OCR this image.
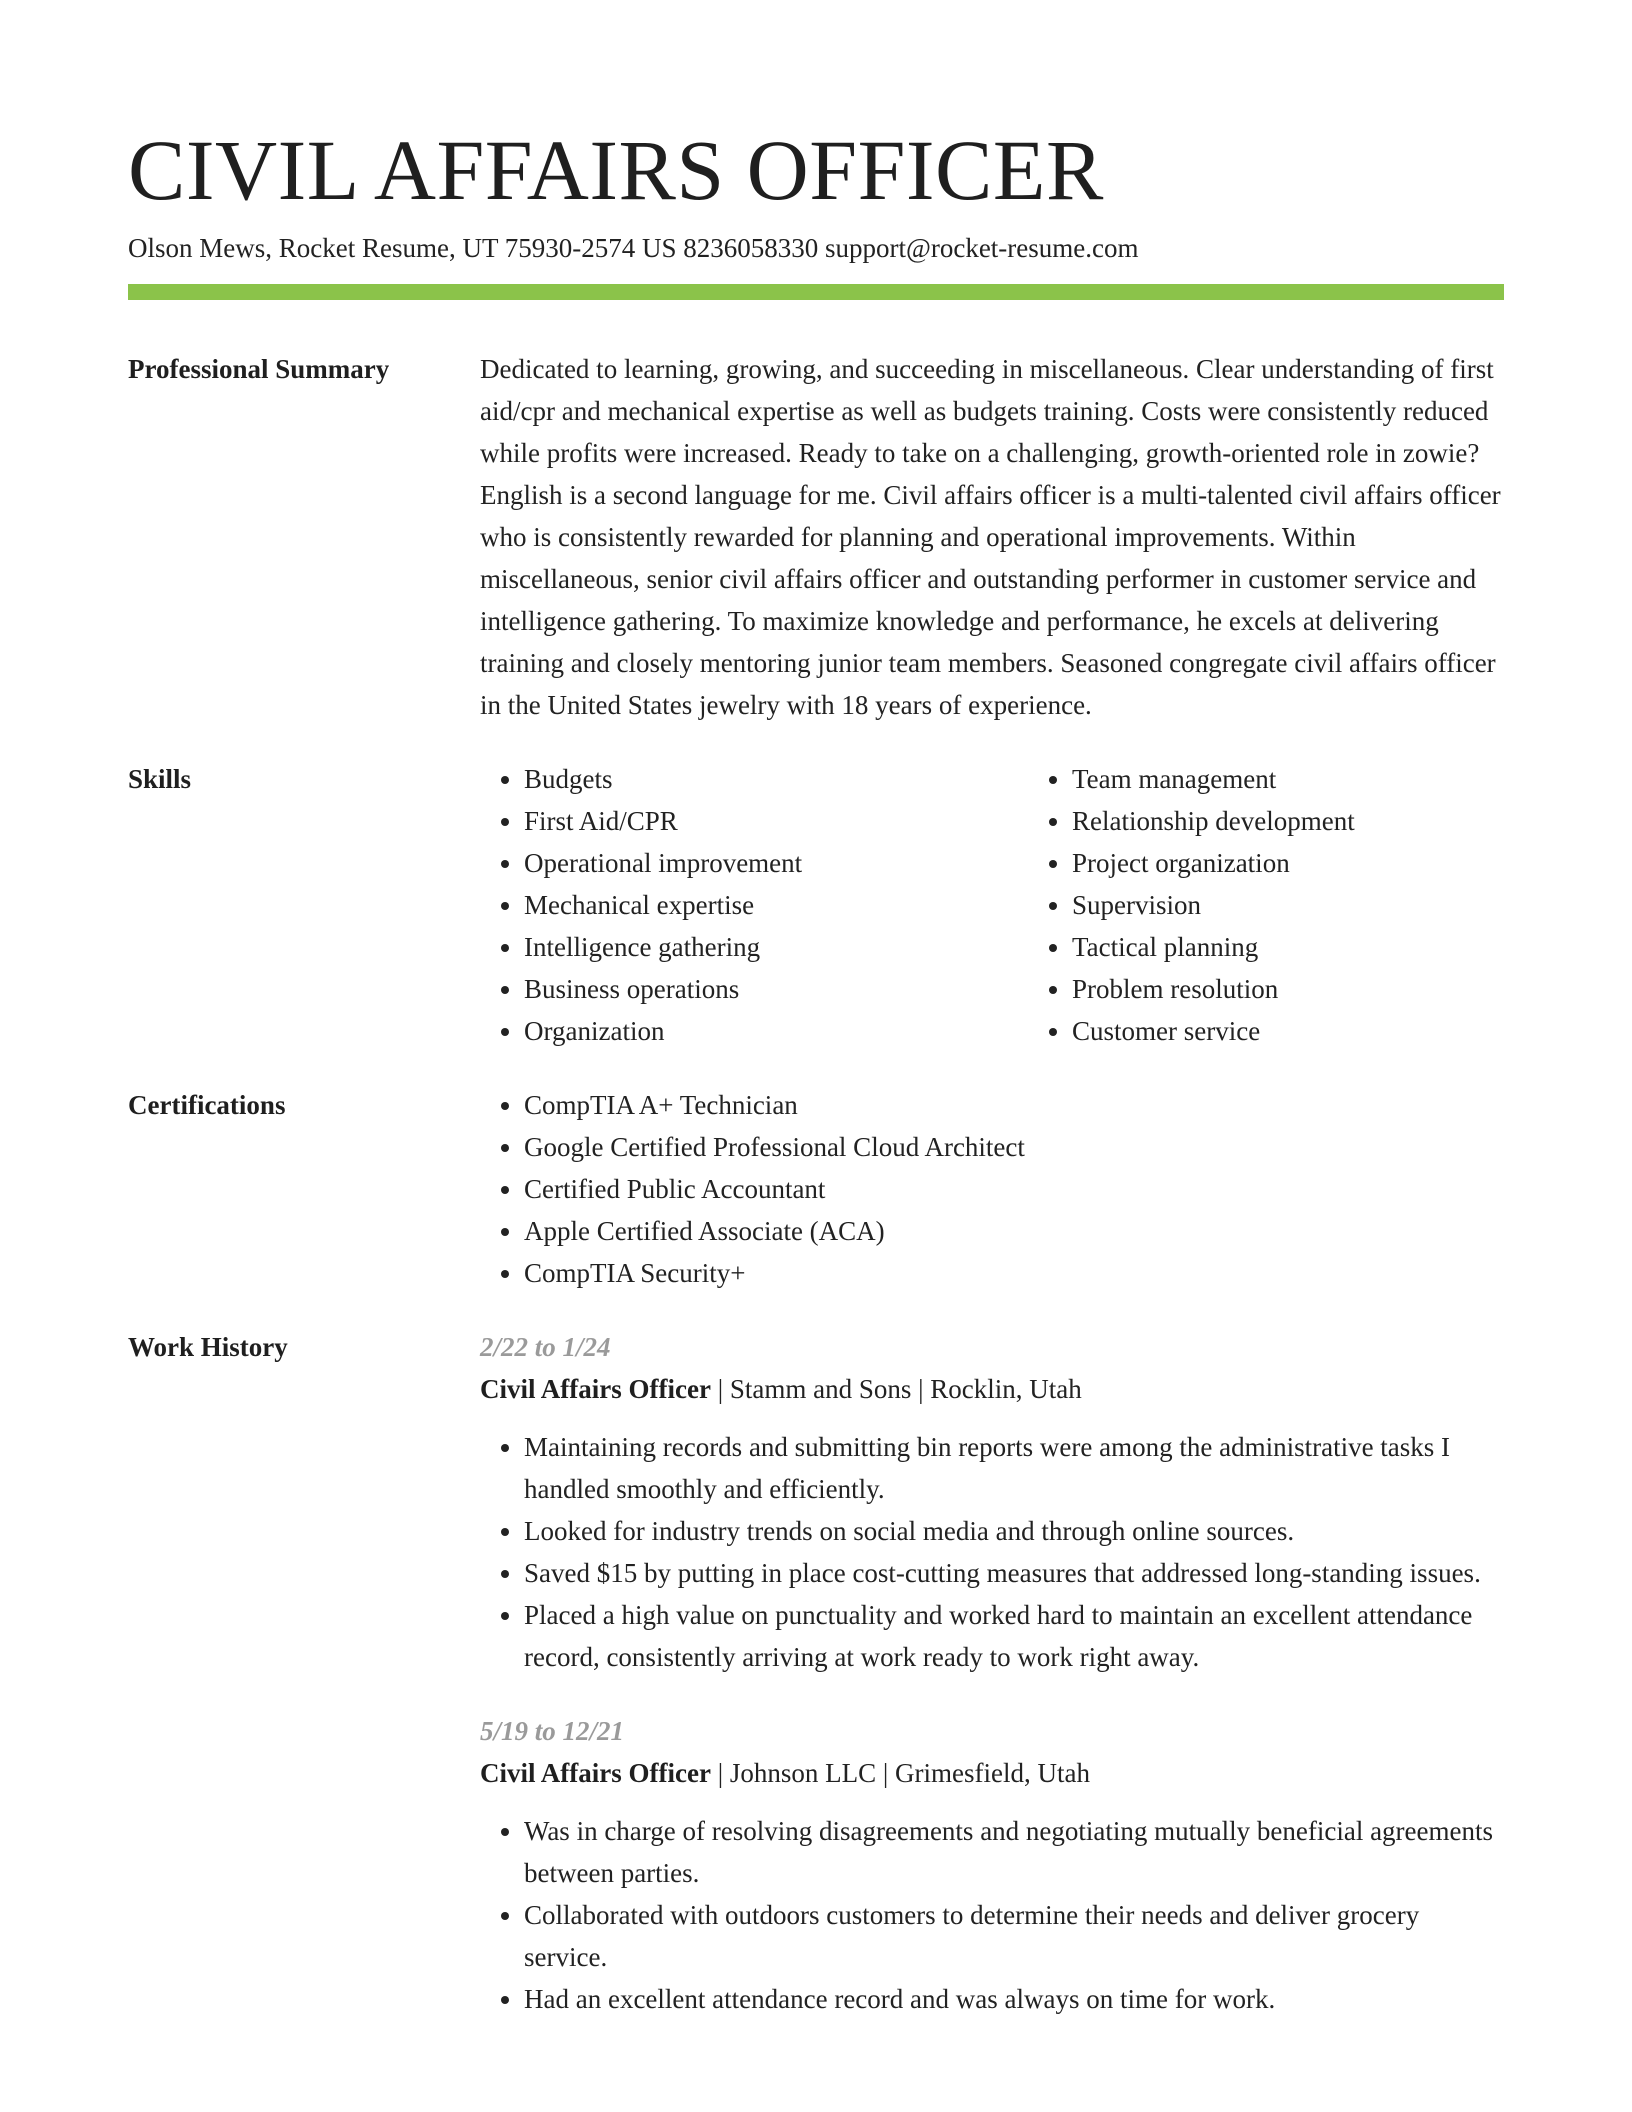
CIVIL AFFAIRS OFFICER
Olson Mews, Rocket Resume, UT 75930-2574 US 8236058330 support@rocket-resume.com
Professional Summary	Dedicated to learning, growing, and succeeding in miscellaneous. Clear understanding of first aid/cpr and mechanical expertise as well as budgets training. Costs were consistently reduced while profits were increased. Ready to take on a challenging, growth-oriented role in zowie? English is a second language for me. Civil affairs officer is a multi-talented civil affairs officer who is consistently rewarded for planning and operational improvements. Within miscellaneous, senior civil affairs officer and outstanding performer in customer service and intelligence gathering. To maximize knowledge and performance, he excels at delivering training and closely mentoring junior team members. Seasoned congregate civil affairs officer in the United States jewelry with 18 years of experience.

Skills	• Budgets
• First Aid/CPR
• Operational improvement
• Mechanical expertise
• Intelligence gathering
• Business operations
• Organization
• Team management
• Relationship development
• Project organization
• Supervision
• Tactical planning
• Problem resolution
• Customer service
Certifications	• CompTIA A+ Technician
• Google Certified Professional Cloud Architect
• Certified Public Accountant
• Apple Certified Associate (ACA)
• CompTIA Security+
Work History	2/22 to 1/24
Civil Affairs Officer | Stamm and Sons | Rocklin, Utah
• Maintaining records and submitting bin reports were among the administrative tasks I handled smoothly and efficiently.
• Looked for industry trends on social media and through online sources.
• Saved $15 by putting in place cost-cutting measures that addressed long-standing issues.
• Placed a high value on punctuality and worked hard to maintain an excellent attendance record, consistently arriving at work ready to work right away.
5/19 to 12/21
Civil Affairs Officer | Johnson LLC | Grimesfield, Utah
• Was in charge of resolving disagreements and negotiating mutually beneficial agreements between parties.
• Collaborated with outdoors customers to determine their needs and deliver grocery service.
• Had an excellent attendance record and was always on time for work.
